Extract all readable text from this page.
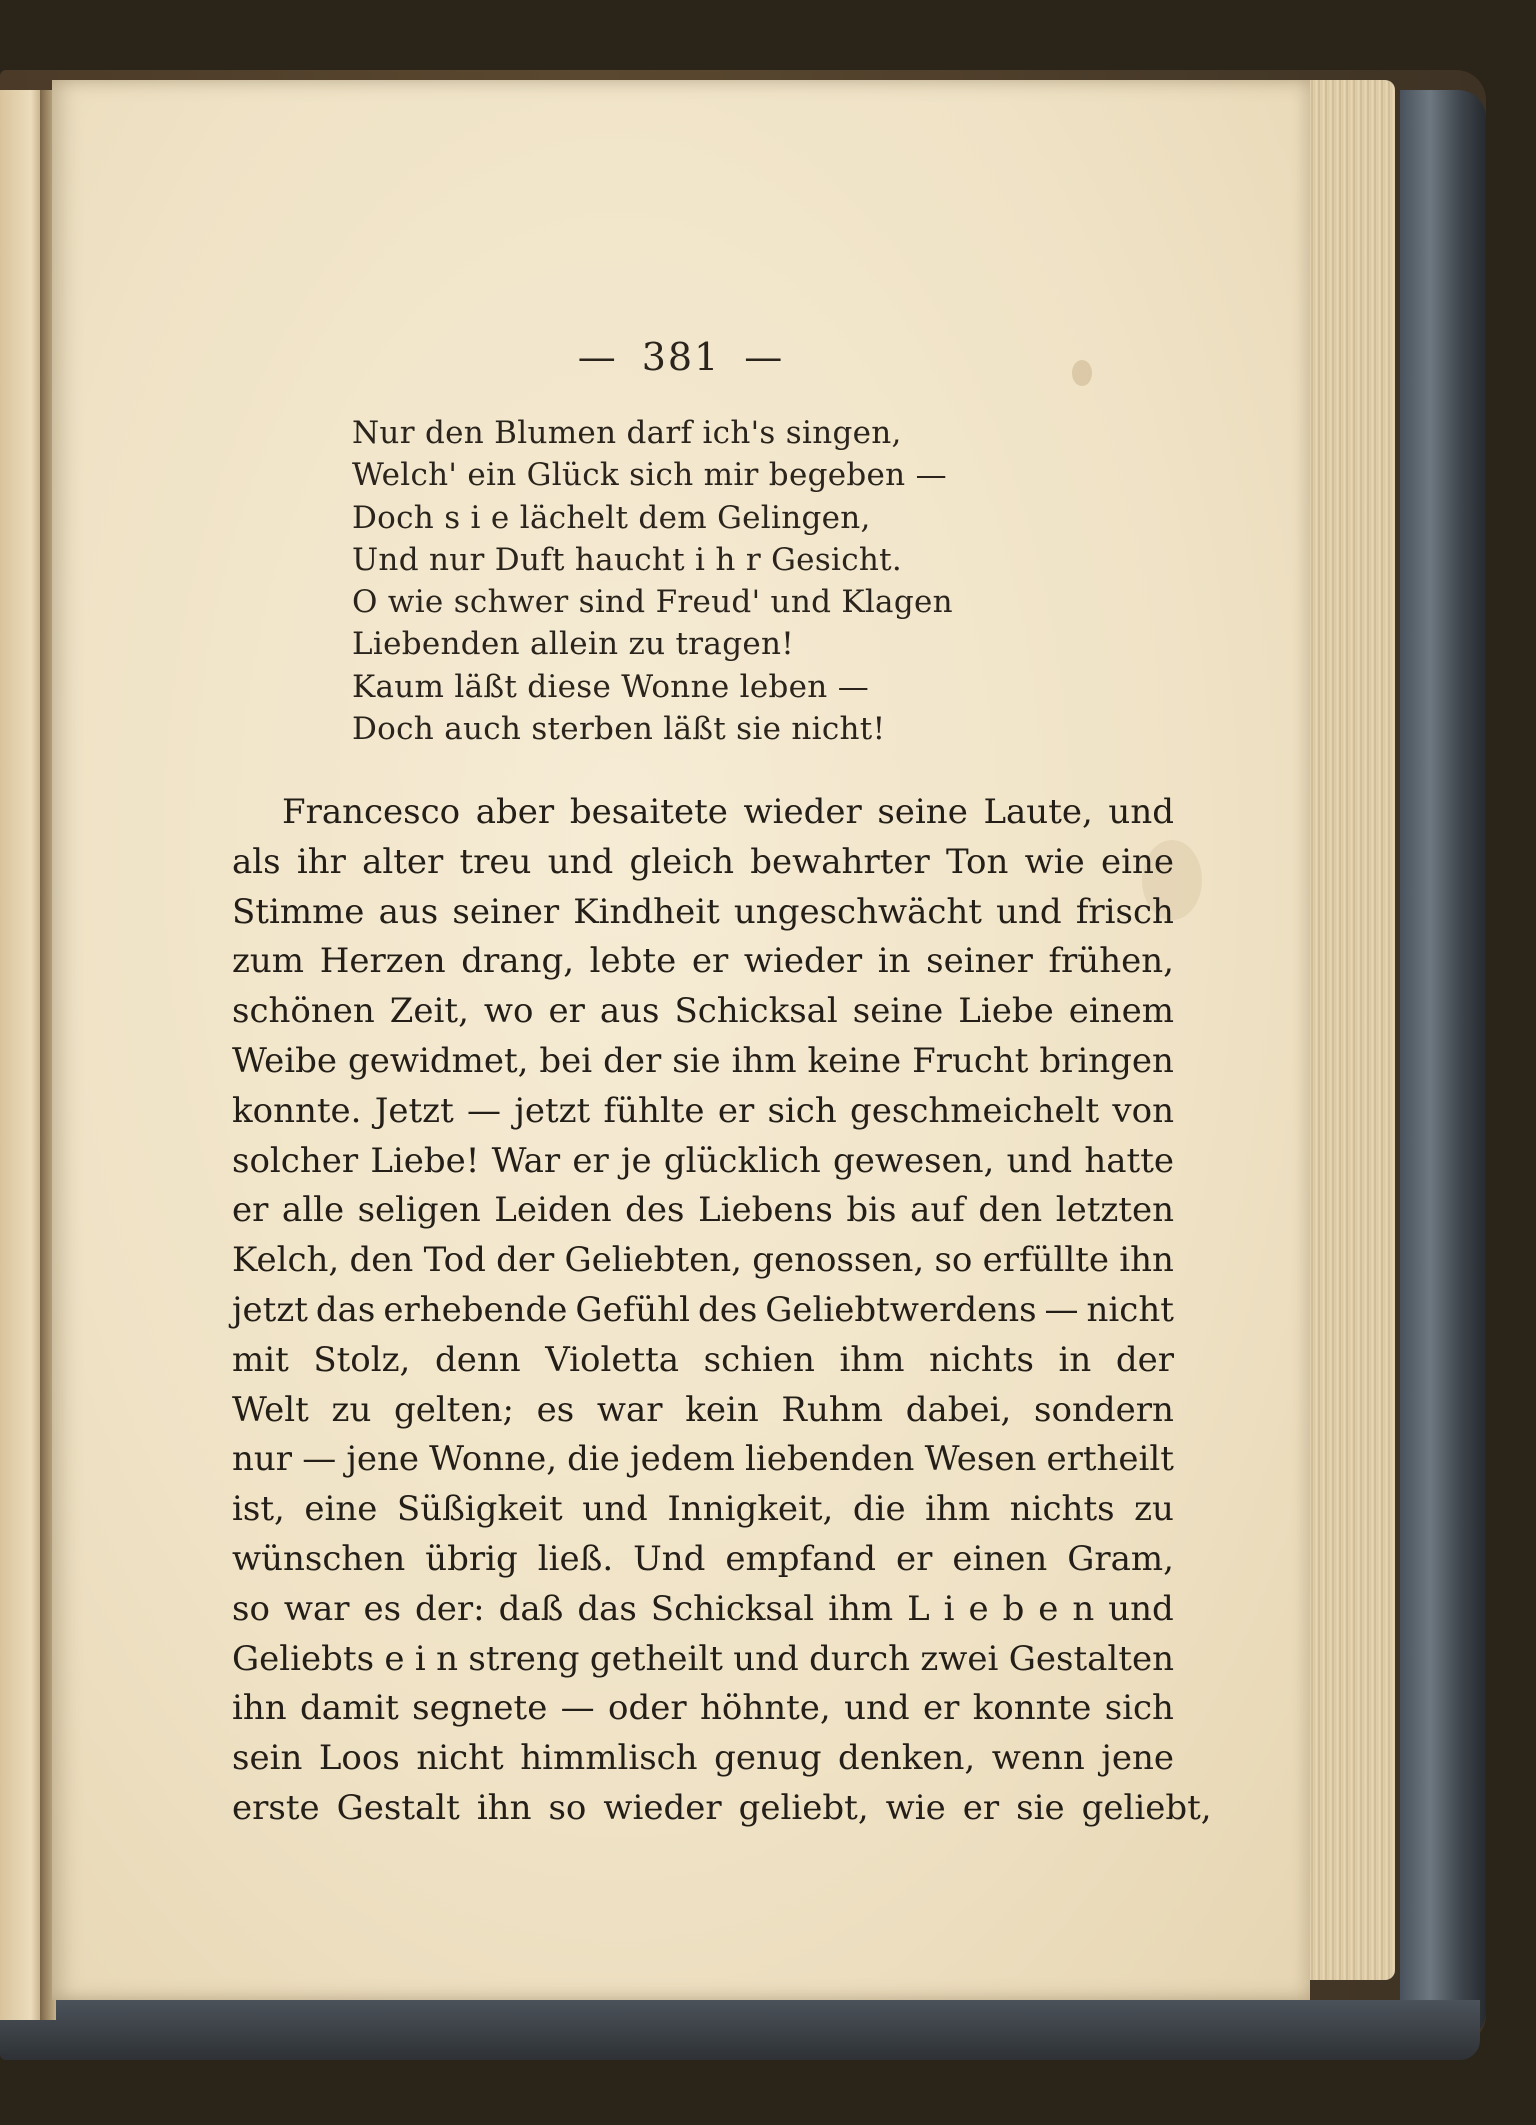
— 381 —
Nur den Blumen darf ich's singen,
Welch' ein Glück sich mir begeben —
Doch s i e lächelt dem Gelingen,
Und nur Duft haucht i h r Gesicht.
O wie schwer sind Freud' und Klagen
Liebenden allein zu tragen!
Kaum läßt diese Wonne leben —
Doch auch sterben läßt sie nicht!
Francesco aber besaitete wieder seine Laute, und
als ihr alter treu und gleich bewahrter Ton wie eine
Stimme aus seiner Kindheit ungeschwächt und frisch
zum Herzen drang, lebte er wieder in seiner frühen,
schönen Zeit, wo er aus Schicksal seine Liebe einem
Weibe gewidmet, bei der sie ihm keine Frucht bringen
konnte. Jetzt — jetzt fühlte er sich geschmeichelt von
solcher Liebe! War er je glücklich gewesen, und hatte
er alle seligen Leiden des Liebens bis auf den letzten
Kelch, den Tod der Geliebten, genossen, so erfüllte ihn
jetzt das erhebende Gefühl des Geliebtwerdens — nicht
mit Stolz, denn Violetta schien ihm nichts in der
Welt zu gelten; es war kein Ruhm dabei, sondern
nur — jene Wonne, die jedem liebenden Wesen ertheilt
ist, eine Süßigkeit und Innigkeit, die ihm nichts zu
wünschen übrig ließ. Und empfand er einen Gram,
so war es der: daß das Schicksal ihm L i e b e n und
Geliebts e i n streng getheilt und durch zwei Gestalten
ihn damit segnete — oder höhnte, und er konnte sich
sein Loos nicht himmlisch genug denken, wenn jene
erste Gestalt ihn so wieder geliebt, wie er sie geliebt,
